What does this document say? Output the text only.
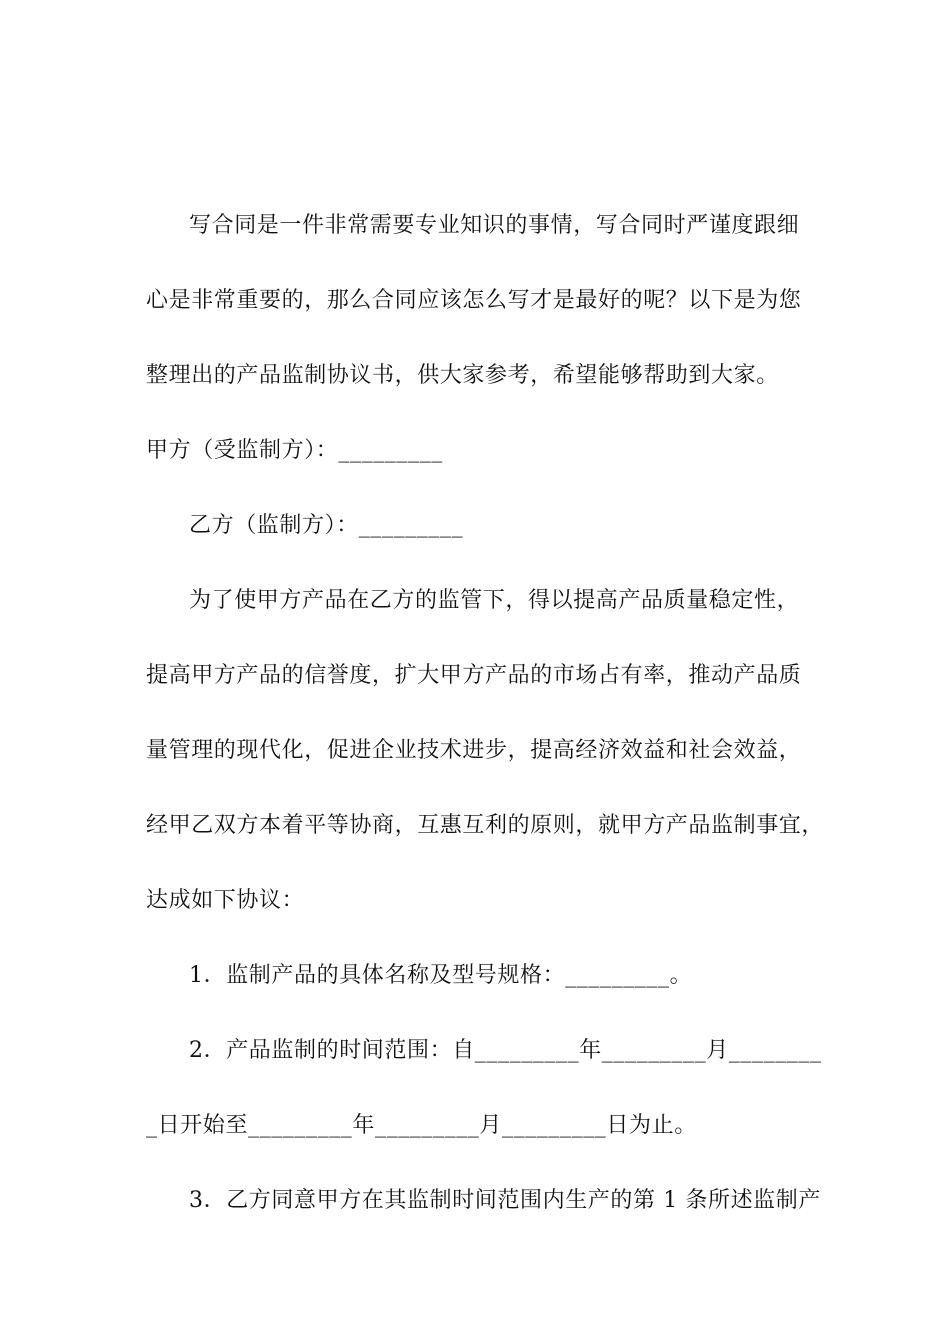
写合同是一件非常需要专业知识的事情，写合同时严谨度跟细
心是非常重要的，那么合同应该怎么写才是最好的呢？以下是为您
整理出的产品监制协议书，供大家参考，希望能够帮助到大家。
甲方（受监制方）：_________
乙方（监制方）：_________
为了使甲方产品在乙方的监管下，得以提高产品质量稳定性，
提高甲方产品的信誉度，扩大甲方产品的市场占有率，推动产品质
量管理的现代化，促进企业技术进步，提高经济效益和社会效益，
经甲乙双方本着平等协商，互惠互利的原则，就甲方产品监制事宜，
达成如下协议：
1．监制产品的具体名称及型号规格：_________。
2．产品监制的时间范围：自_________年_________月________
_日开始至_________年_________月_________日为止。
3．乙方同意甲方在其监制时间范围内生产的第 1 条所述监制产
